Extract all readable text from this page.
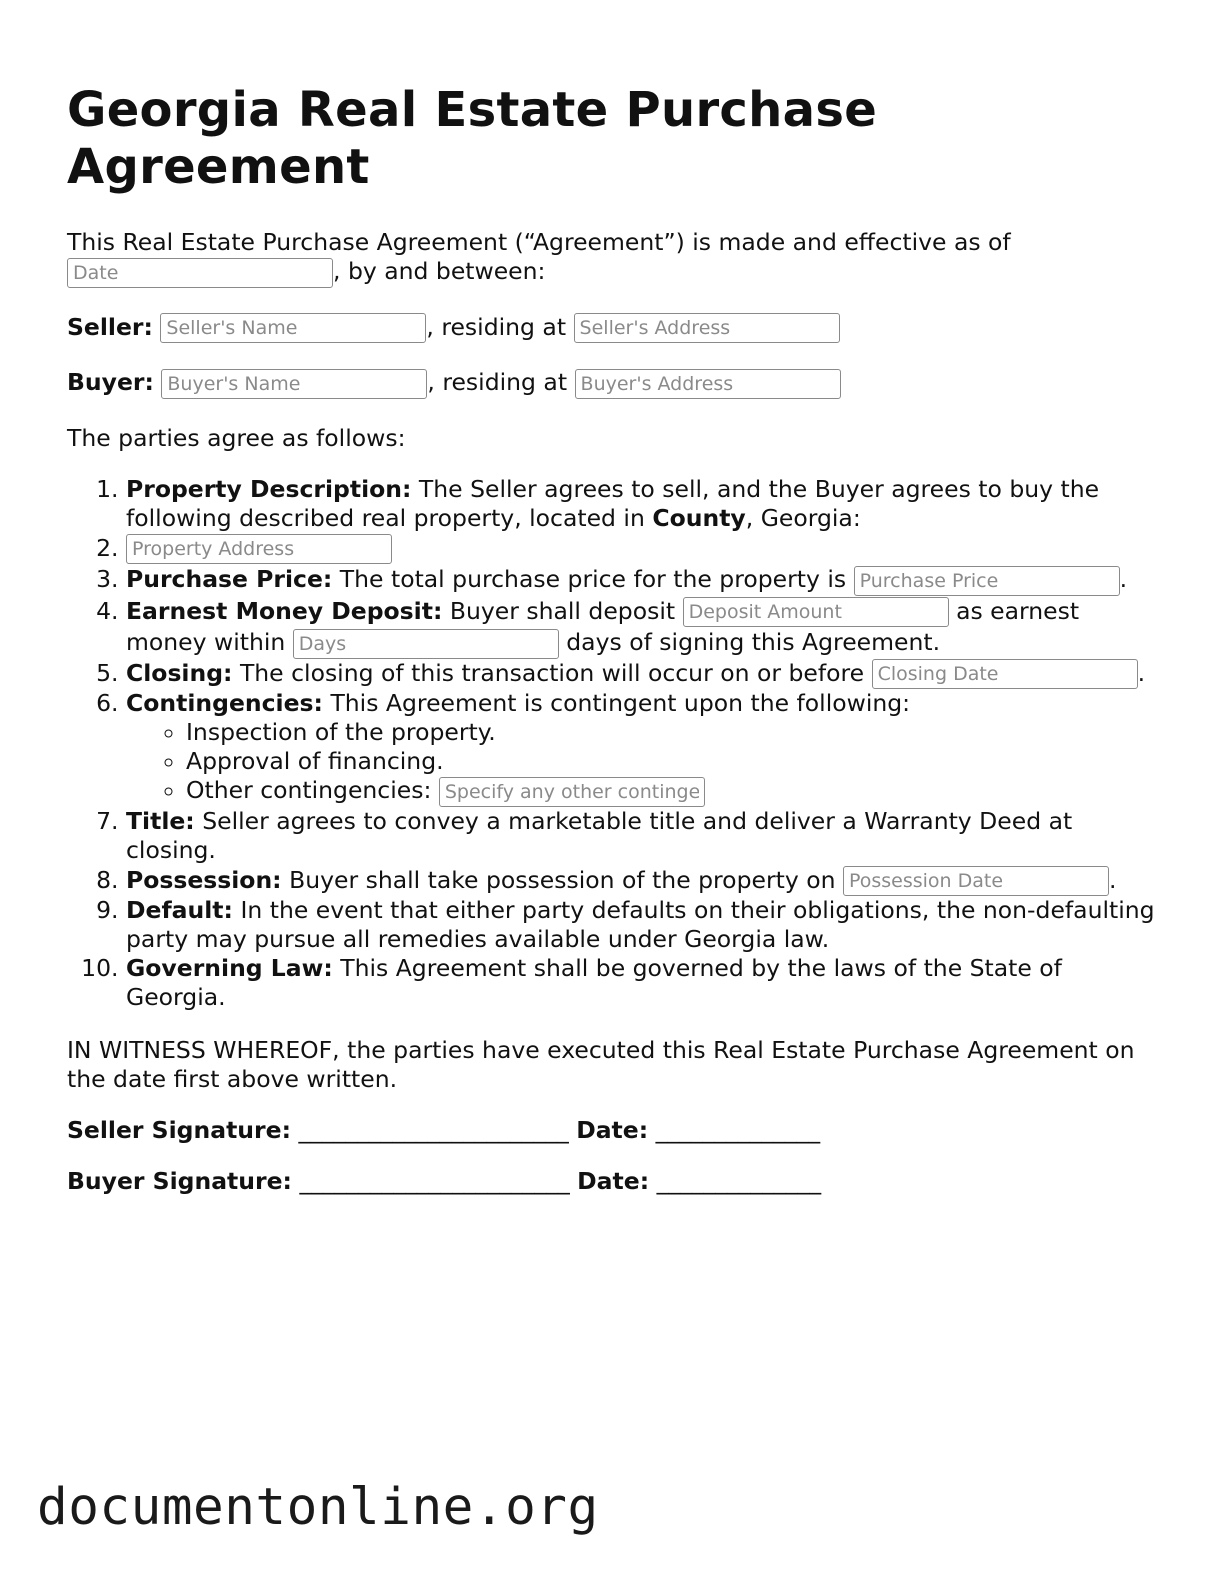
Georgia Real Estate Purchase Agreement

This Real Estate Purchase Agreement (“Agreement”) is made and effective as of
Date, by and between:

Seller: Seller's Name	, residing at Seller's Address

Buyer: Buyer's Name	, residing at Buyer's Address

The parties agree as follows:

1. Property Description: The Seller agrees to sell, and the Buyer agrees to buy the following described real property, located in County, Georgia:
2. Property Address
3. Purchase Price: The total purchase price for the property is Purchase Price	.
4. Earnest Money Deposit: Buyer shall deposit Deposit Amount	as earnest money within Days	days of signing this Agreement.
5. Closing: The closing of this transaction will occur on or before Closing Date	.
6. Contingencies: This Agreement is contingent upon the following:
◦ Inspection of the property.
◦ Approval of financing.
◦ Other contingencies: Specify any other contingencies
7. Title: Seller agrees to convey a marketable title and deliver a Warranty Deed at closing.
8. Possession: Buyer shall take possession of the property on Possession Date	.
9. Default: In the event that either party defaults on their obligations, the non-defaulting party may pursue all remedies available under Georgia law.
10. Governing Law: This Agreement shall be governed by the laws of the State of Georgia.

IN WITNESS WHEREOF, the parties have executed this Real Estate Purchase Agreement on the date first above written.

Seller Signature: _______________________ Date: ______________

Buyer Signature: _______________________ Date: ______________

documentonline.org
